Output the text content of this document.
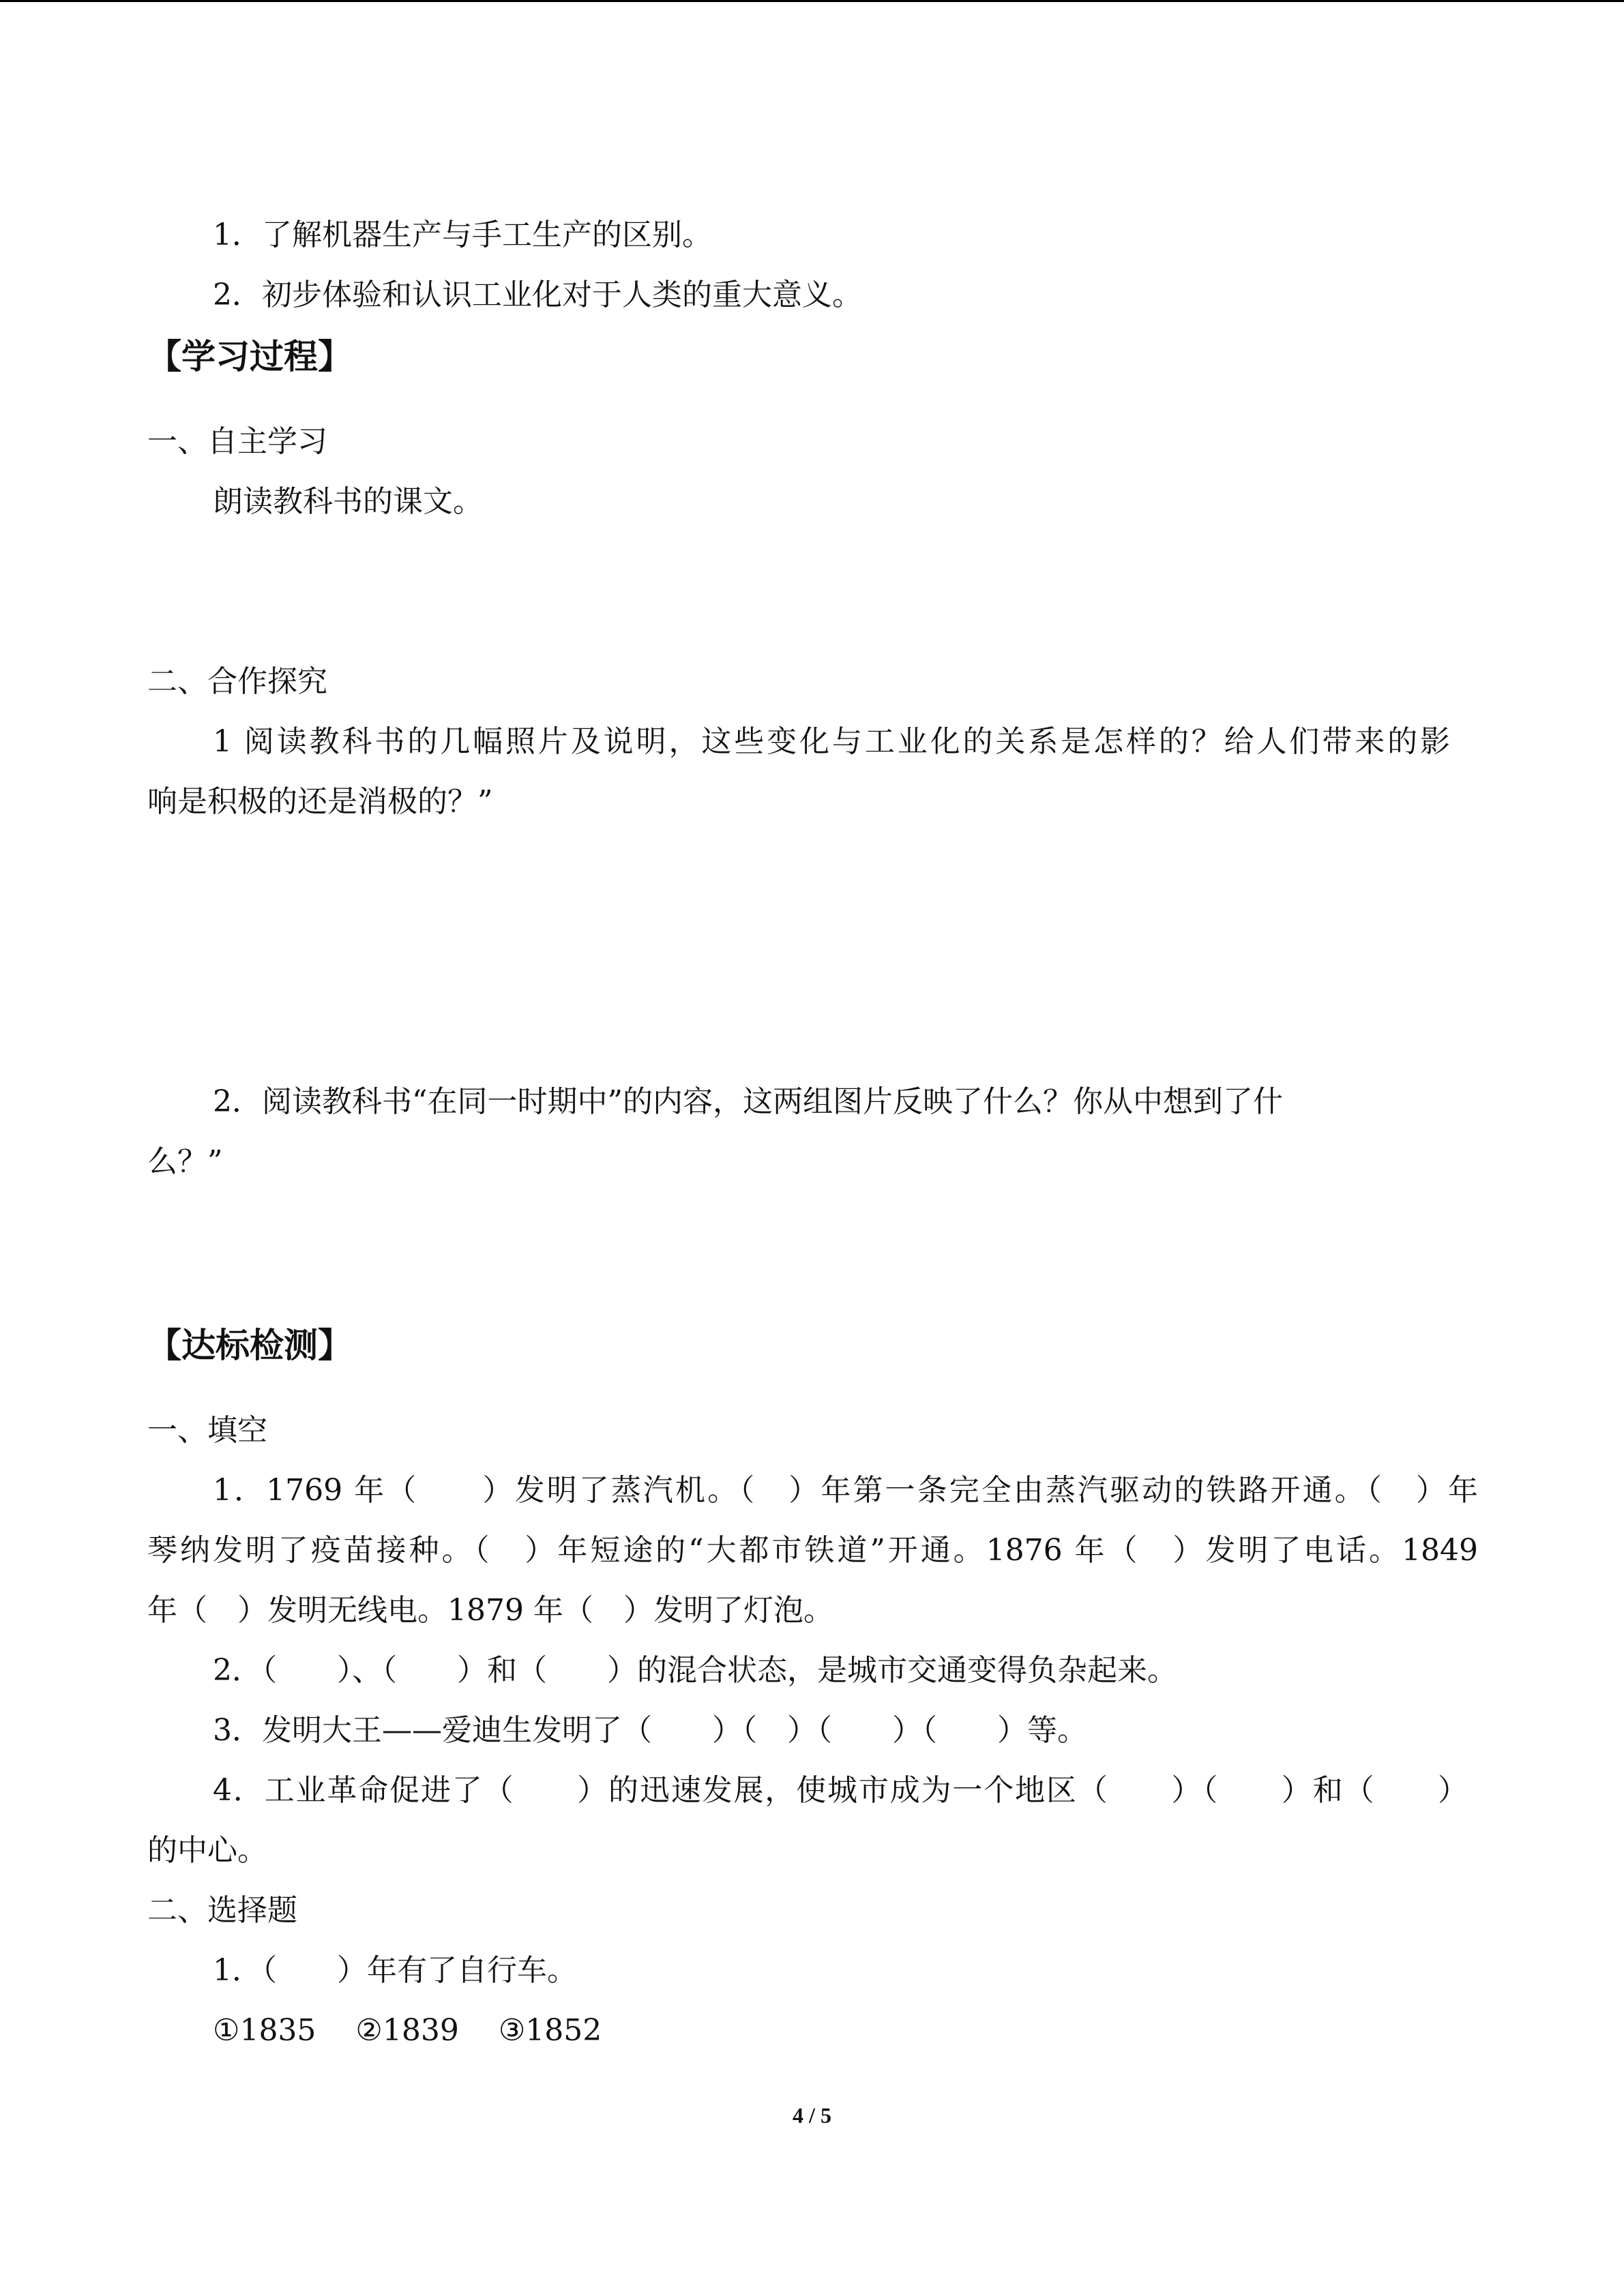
1．了解机器生产与手工生产的区别。
2．初步体验和认识工业化对于人类的重大意义。
【学习过程】
一、自主学习
朗读教科书的课文。
二、合作探究
1 阅读教科书的几幅照片及说明，这些变化与工业化的关系是怎样的？给人们带来的影
响是积极的还是消极的？”
2．阅读教科书“在同一时期中”的内容，这两组图片反映了什么？你从中想到了什
么？”
【达标检测】
一、填空
1．1769 年（　　）发明了蒸汽机。（　）年第一条完全由蒸汽驱动的铁路开通。（　）年
琴纳发明了疫苗接种。（　）年短途的“大都市铁道”开通。1876 年（　）发明了电话。1849
年（　）发明无线电。1879 年（　）发明了灯泡。
2．（　　）、（　　）和（　　）的混合状态，是城市交通变得负杂起来。
3．发明大王——爱迪生发明了（　　）（　）（　　）（　　）等。
4．工业革命促进了（　　）的迅速发展，使城市成为一个地区（　　）（　　）和（　　）
的中心。
二、选择题
1．（　　）年有了自行车。
①1835　 ②1839　 ③1852
4 / 5
